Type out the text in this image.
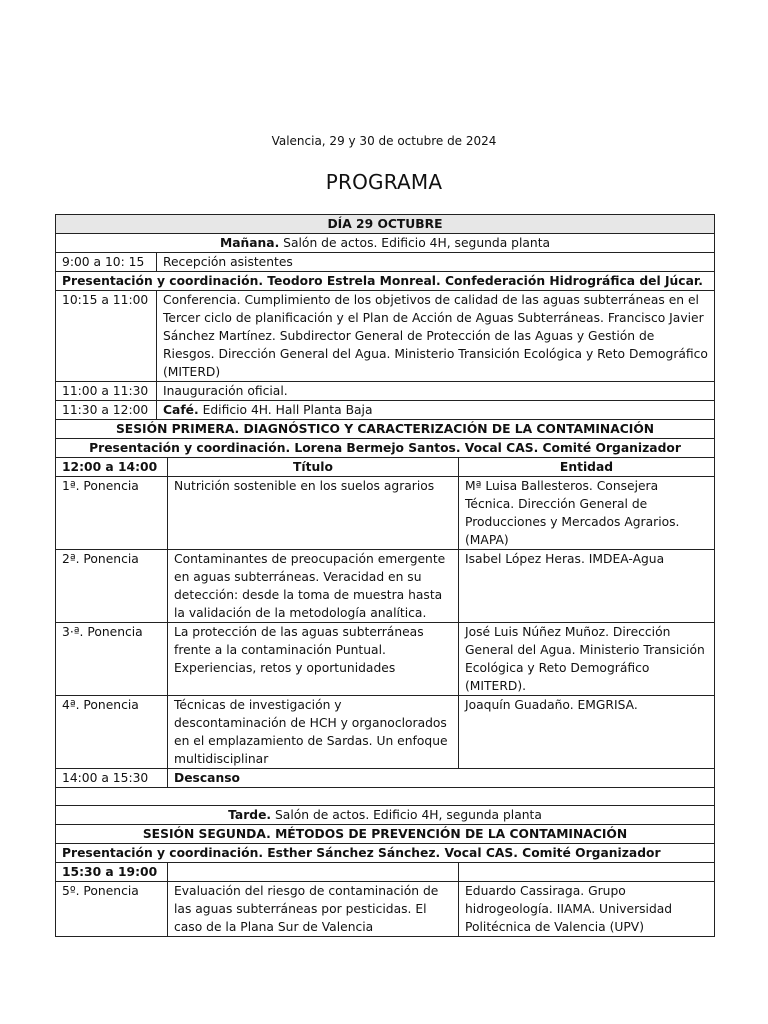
Valencia, 29 y 30 de octubre de 2024
PROGRAMA
DÍA 29 OCTUBRE			
Mañana. Salón de actos. Edificio 4H, segunda planta			
9:00 a 10: 15	Recepción asistentes		
Presentación y coordinación. Teodoro Estrela Monreal. Confederación Hidrográfica del Júcar.			
10:15 a 11:00	Conferencia. Cumplimiento de los objetivos de calidad de las aguas subterráneas en el Tercer ciclo de planificación y el Plan de Acción de Aguas Subterráneas. Francisco Javier Sánchez Martínez. Subdirector General de Protección de las Aguas y Gestión de Riesgos. Dirección General del Agua. Ministerio Transición Ecológica y Reto Demográfico (MITERD)		
11:00 a 11:30	Inauguración oficial.		
11:30 a 12:00	Café. Edificio 4H. Hall Planta Baja		
SESIÓN PRIMERA. DIAGNÓSTICO Y CARACTERIZACIÓN DE LA CONTAMINACIÓN			
Presentación y coordinación. Lorena Bermejo Santos. Vocal CAS. Comité Organizador			
12:00 a 14:00		Título	Entidad
1ª. Ponencia		Nutrición sostenible en los suelos agrarios	Mª Luisa Ballesteros. Consejera Técnica. Dirección General de Producciones y Mercados Agrarios. (MAPA)
2ª. Ponencia		Contaminantes de preocupación emergente en aguas subterráneas. Veracidad en su detección: desde la toma de muestra hasta la validación de la metodología analítica.	Isabel López Heras. IMDEA-Agua
3·ª. Ponencia		La protección de las aguas subterráneas frente a la contaminación Puntual. Experiencias, retos y oportunidades	José Luis Núñez Muñoz. Dirección General del Agua. Ministerio Transición Ecológica y Reto Demográfico (MITERD).
4ª. Ponencia		Técnicas de investigación y descontaminación de HCH y organoclorados en el emplazamiento de Sardas. Un enfoque multidisciplinar	Joaquín Guadaño. EMGRISA.
14:00 a 15:30		Descanso	

Tarde. Salón de actos. Edificio 4H, segunda planta			
SESIÓN SEGUNDA. MÉTODOS DE PREVENCIÓN DE LA CONTAMINACIÓN			
Presentación y coordinación. Esther Sánchez Sánchez. Vocal CAS. Comité Organizador			
15:30 a 19:00			
5º. Ponencia		Evaluación del riesgo de contaminación de las aguas subterráneas por pesticidas. El caso de la Plana Sur de Valencia	Eduardo Cassiraga. Grupo hidrogeología. IIAMA. Universidad Politécnica de Valencia (UPV)
